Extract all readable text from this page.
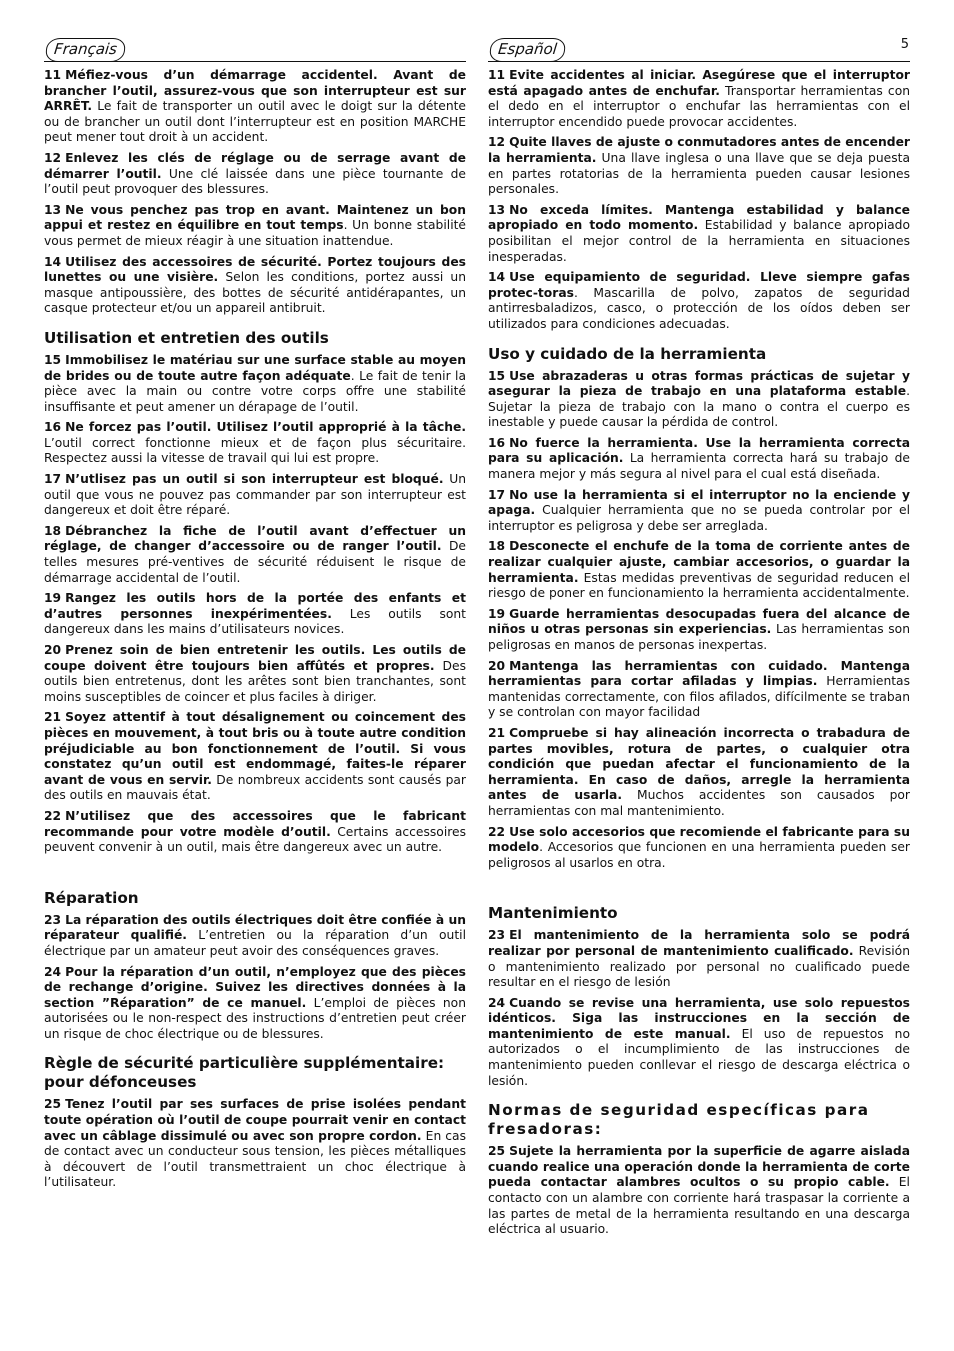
5
Français

11 Méfiez-vous d’un démarrage accidentel. Avant de brancher l’outil, assurez-vous que son interrupteur est sur ARRÊT. Le fait de transporter un outil avec le doigt sur la détente ou de brancher un outil dont l’interrupteur est en position MARCHE peut mener tout droit à un accident.

12 Enlevez les clés de réglage ou de serrage avant de démarrer l’outil. Une clé laissée dans une pièce tournante de l’outil peut provoquer des blessures.

13 Ne vous penchez pas trop en avant. Maintenez un bon appui et restez en équilibre en tout temps. Un bonne stabilité vous permet de mieux réagir à une situation inattendue.

14 Utilisez des accessoires de sécurité. Portez toujours des lunettes ou une visière. Selon les conditions, portez aussi un masque antipoussière, des bottes de sécurité antidérapantes, un casque protecteur et/ou un appareil antibruit.

Utilisation et entretien des outils

15 Immobilisez le matériau sur une surface stable au moyen de brides ou de toute autre façon adéquate. Le fait de tenir la pièce avec la main ou contre votre corps offre une stabilité insuffisante et peut amener un dérapage de l’outil.

16 Ne forcez pas l’outil. Utilisez l’outil approprié à la tâche. L’outil correct fonctionne mieux et de façon plus sécuritaire. Respectez aussi la vitesse de travail qui lui est propre.

17 N’utlisez pas un outil si son interrupteur est bloqué. Un outil que vous ne pouvez pas commander par son interrupteur est dangereux et doit être réparé.

18 Débranchez la fiche de l’outil avant d’effectuer un réglage, de changer d’accessoire ou de ranger l’outil. De telles mesures pré-ventives de sécurité réduisent le risque de démarrage accidental de l’outil.

19 Rangez les outils hors de la portée des enfants et d’autres personnes inexpérimentées. Les outils sont dangereux dans les mains d’utilisateurs novices.

20 Prenez soin de bien entretenir les outils. Les outils de coupe doivent être toujours bien affûtés et propres. Des outils bien entretenus, dont les arêtes sont bien tranchantes, sont moins susceptibles de coincer et plus faciles à diriger.

21 Soyez attentif à tout désalignement ou coincement des pièces en mouvement, à tout bris ou à toute autre condition préjudiciable au bon fonctionnement de l’outil. Si vous constatez qu’un outil est endommagé, faites-le réparer avant de vous en servir. De nombreux accidents sont causés par des outils en mauvais état.

22 N’utilisez que des accessoires que le fabricant recommande pour votre modèle d’outil. Certains accessoires peuvent convenir à un outil, mais être dangereux avec un autre.

Réparation

23 La réparation des outils électriques doit être confiée à un réparateur qualifié. L’entretien ou la réparation d’un outil électrique par un amateur peut avoir des conséquences graves.

24 Pour la réparation d’un outil, n’employez que des pièces de rechange d’origine. Suivez les directives données à la section ”Réparation” de ce manuel. L’emploi de pièces non autorisées ou le non-respect des instructions d’entretien peut créer un risque de choc électrique ou de blessures.

Règle de sécurité particulière supplémentaire: pour défonceuses

25 Tenez l’outil par ses surfaces de prise isolées pendant toute opération où l’outil de coupe pourrait venir en contact avec un câblage dissimulé ou avec son propre cordon. En cas de contact avec un conducteur sous tension, les pièces métalliques à découvert de l’outil transmettraient un choc électrique à l’utilisateur.

Español

11 Evite accidentes al iniciar. Asegúrese que el interruptor está apagado antes de enchufar. Transportar herramientas con el dedo en el interruptor o enchufar las herramientas con el interruptor encendido puede provocar accidentes.

12 Quite llaves de ajuste o conmutadores antes de encender la herramienta. Una llave inglesa o una llave que se deja puesta en partes rotatorias de la herramienta pueden causar lesiones personales.

13 No exceda límites. Mantenga estabilidad y balance apropiado en todo momento. Estabilidad y balance apropiado posibilitan el mejor control de la herramienta en situaciones inesperadas.

14 Use equipamiento de seguridad. Lleve siempre gafas protec-toras. Mascarilla de polvo, zapatos de seguridad antirresbaladizos, casco, o protección de los oídos deben ser utilizados para condiciones adecuadas.

Uso y cuidado de la herramienta

15 Use abrazaderas u otras formas prácticas de sujetar y asegurar la pieza de trabajo en una plataforma estable. Sujetar la pieza de trabajo con la mano o contra el cuerpo es inestable y puede causar la pérdida de control.

16 No fuerce la herramienta. Use la herramienta correcta para su aplicación. La herramienta correcta hará su trabajo de manera mejor y más segura al nivel para el cual está diseñada.

17 No use la herramienta si el interruptor no la enciende y apaga. Cualquier herramienta que no se pueda controlar por el interruptor es peligrosa y debe ser arreglada.

18 Desconecte el enchufe de la toma de corriente antes de realizar cualquier ajuste, cambiar accesorios, o guardar la herramienta. Estas medidas preventivas de seguridad reducen el riesgo de poner en funcionamiento la herramienta accidentalmente.

19 Guarde herramientas desocupadas fuera del alcance de niños u otras personas sin experiencias. Las herramientas son peligrosas en manos de personas inexpertas.

20 Mantenga las herramientas con cuidado. Mantenga herramientas para cortar afiladas y limpias. Herramientas mantenidas correctamente, con filos afilados, difícilmente se traban y se controlan con mayor facilidad

21 Compruebe si hay alineación incorrecta o trabadura de partes movibles, rotura de partes, o cualquier otra condición que puedan afectar el funcionamiento de la herramienta. En caso de daños, arregle la herramienta antes de usarla. Muchos accidentes son causados por herramientas con mal mantenimiento.

22 Use solo accesorios que recomiende el fabricante para su modelo. Accesorios que funcionen en una herramienta pueden ser peligrosos al usarlos en otra.

Mantenimiento

23 El mantenimiento de la herramienta solo se podrá realizar por personal de mantenimiento cualificado. Revisión o mantenimiento realizado por personal no cualificado puede resultar en el riesgo de lesión

24 Cuando se revise una herramienta, use solo repuestos idénticos. Siga las instrucciones en la sección de mantenimiento de este manual. El uso de repuestos no autorizados o el incumplimiento de las instrucciones de mantenimiento pueden conllevar el riesgo de descarga eléctrica o lesión.

Normas de seguridad específicas para fresadoras:

25 Sujete la herramienta por la superficie de agarre aislada cuando realice una operación donde la herramienta de corte pueda contactar alambres ocultos o su propio cable. El contacto con un alambre con corriente hará traspasar la corriente a las partes de metal de la herramienta resultando en una descarga eléctrica al usuario.
